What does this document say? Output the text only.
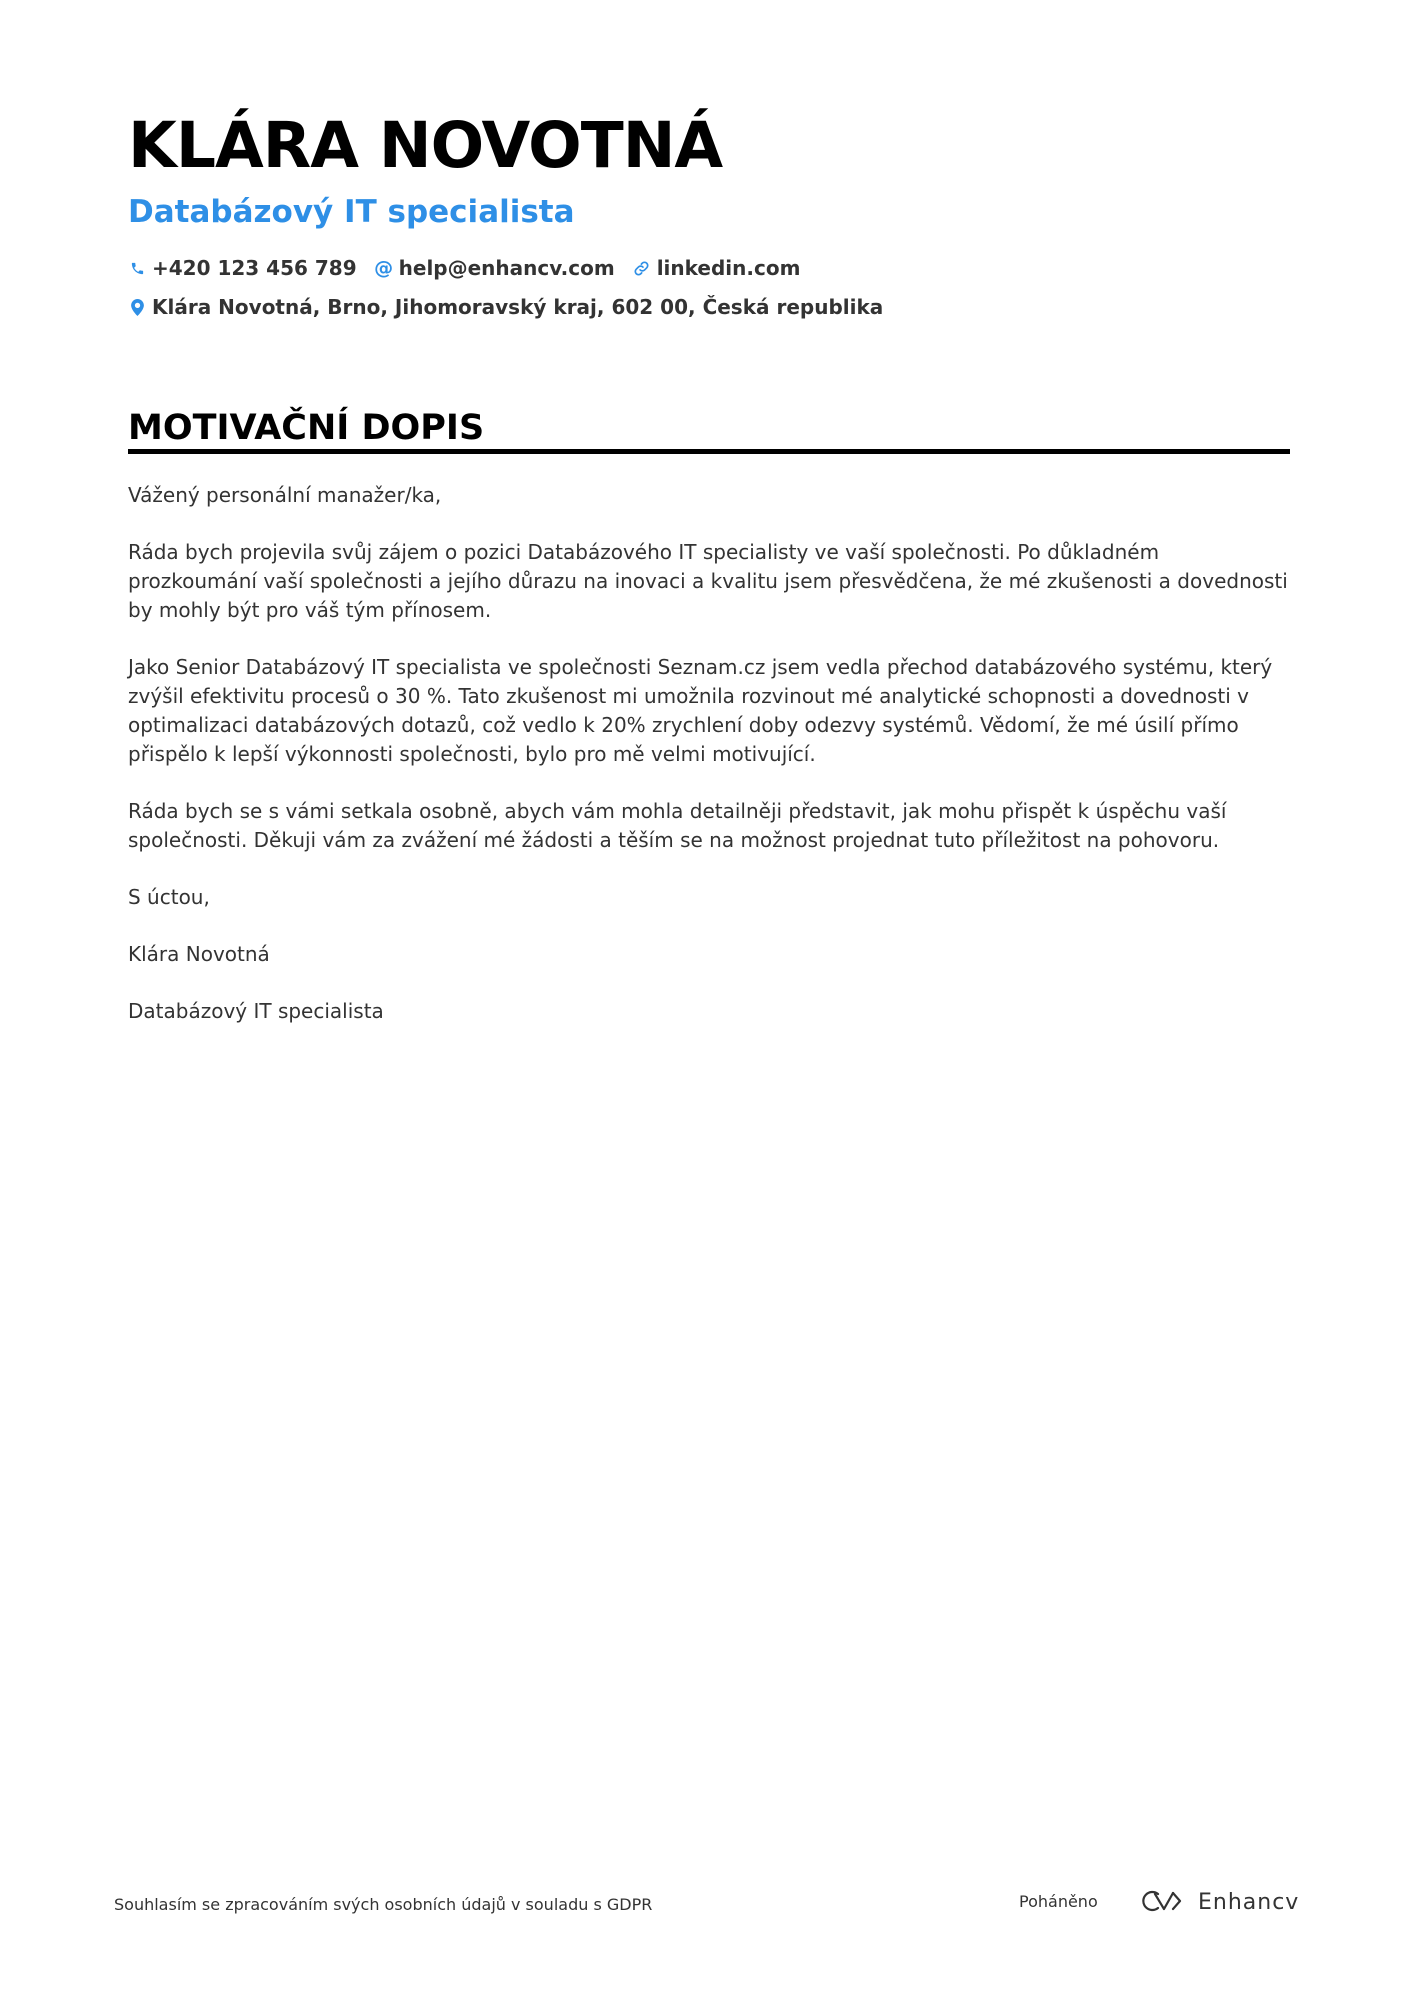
KLÁRA NOVOTNÁ
Databázový IT specialista
+420 123 456 789 @ help@enhancv.com linkedin.com
Klára Novotná, Brno, Jihomoravský kraj, 602 00, Česká republika
MOTIVAČNÍ DOPIS

Vážený personální manažer/ka,

Ráda bych projevila svůj zájem o pozici Databázového IT specialisty ve vaší společnosti. Po důkladném prozkoumání vaší společnosti a jejího důrazu na inovaci a kvalitu jsem přesvědčena, že mé zkušenosti a dovednosti by mohly být pro váš tým přínosem.

Jako Senior Databázový IT specialista ve společnosti Seznam.cz jsem vedla přechod databázového systému, který zvýšil efektivitu procesů o 30 %. Tato zkušenost mi umožnila rozvinout mé analytické schopnosti a dovednosti v optimalizaci databázových dotazů, což vedlo k 20% zrychlení doby odezvy systémů. Vědomí, že mé úsilí přímo přispělo k lepší výkonnosti společnosti, bylo pro mě velmi motivující.

Ráda bych se s vámi setkala osobně, abych vám mohla detailněji představit, jak mohu přispět k úspěchu vaší společnosti. Děkuji vám za zvážení mé žádosti a těším se na možnost projednat tuto příležitost na pohovoru.

S úctou,

Klára Novotná

Databázový IT specialista

Souhlasím se zpracováním svých osobních údajů v souladu s GDPR	Poháněno	Enhancv
